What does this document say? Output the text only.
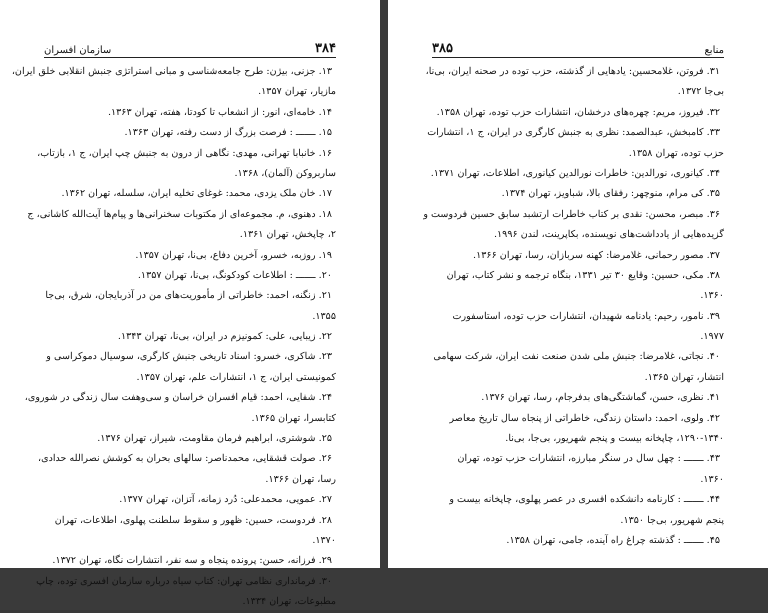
سازمان افسران	۳۸۴
۱۳. جزنی، بیژن: طرح جامعه‌شناسی و مبانی استراتژی جنبش انقلابی خلق ایران،
مازیار، تهران ۱۳۵۷.
۱۴. خامه‌ای، انور: از انشعاب تا کودتا، هفته، تهران ۱۳۶۳.
۱۵. ـــــــ : فرصت بزرگ از دست رفته، تهران ۱۳۶۳.
۱۶. خانبابا تهرانی، مهدی: نگاهی از درون به جنبش چپ ایران، ج ۱، بازتاب،
ساربروکن (آلمان)، ۱۳۶۸.
۱۷. خان ملک یزدی، محمد: غوغای تخلیه ایران، سلسله، تهران ۱۳۶۲.
۱۸. دهنوی، م. مجموعه‌ای از مکتوبات سخنرانی‌ها و پیام‌ها آیت‌الله کاشانی، ج
۲، چاپخش، تهران ۱۳۶۱.
۱۹. روزبه، خسرو، آخرین دفاع، بی‌نا، تهران ۱۳۵۷.
۲۰. ـــــــ : اطلاعات کودکونگ، بی‌نا، تهران ۱۳۵۷.
۲۱. زنگنه، احمد: خاطراتی از مأموریت‌های من در آذربایجان، شرق، بی‌جا
۱۳۵۵.
۲۲. زیبایی، علی: کمونیزم در ایران، بی‌نا، تهران ۱۳۴۳.
۲۳. شاکری، خسرو: اسناد تاریخی جنبش کارگری، سوسیال دموکراسی و
کمونیستی ایران، ج ۱، انتشارات علم، تهران ۱۳۵۷.
۲۴. شفایی، احمد: قیام افسران خراسان و سی‌وهفت سال زندگی در شوروی،
کتابسرا، تهران ۱۳۶۵.
۲۵. شوشتری، ابراهیم فرمان مقاومت، شیراز، تهران ۱۳۷۶.
۲۶. صولت قشقایی، محمدناصر: سالهای بحران به کوشش نصرالله حدادی،
رسا، تهران ۱۳۶۶.
۲۷. عمویی، محمدعلی: دُرد زمانه، آتزان، تهران ۱۳۷۷.
۲۸. فردوست، حسین: ظهور و سقوط سلطنت پهلوی، اطلاعات، تهران
۱۳۷۰.
۲۹. فرزانه، حسن: پرونده پنجاه و سه نفر، انتشارات نگاه، تهران ۱۳۷۲.
۳۰. فرمانداری نظامی تهران: کتاب سیاه درباره سازمان افسری توده، چاپ
مطبوعات، تهران ۱۳۳۴.
۳۸۵	منابع
۳۱. فروتن، غلامحسین: یادهایی از گذشته، حزب توده در صحنه ایران، بی‌نا،
بی‌جا ۱۳۷۲.
۳۲. فیروز، مریم: چهره‌های درخشان، انتشارات حزب توده، تهران ۱۳۵۸.
۳۳. کامبخش، عبدالصمد: نظری به جنبش کارگری در ایران، ج ۱، انتشارات
حزب توده، تهران ۱۳۵۸.
۳۴. کیانوری، نورالدین: خاطرات نورالدین کیانوری، اطلاعات، تهران ۱۳۷۱.
۳۵. کی مرام، منوچهر: رفقای بالا، شباویز، تهران ۱۳۷۴.
۳۶. مبصر، محسن: نقدی بر کتاب خاطرات ارتشبد سابق حسین فردوست و
گزیده‌هایی از یادداشت‌های نویسنده، بکاپرینت، لندن ۱۹۹۶.
۳۷. مصور رحمانی، غلامرضا: کهنه سربازان، رسا، تهران ۱۳۶۶.
۳۸. مکی، حسین: وقایع ۳۰ تیر ۱۳۳۱، بنگاه ترجمه و نشر کتاب، تهران
۱۳۶۰.
۳۹. نامور، رحیم: یادنامه شهیدان، انتشارات حزب توده، استاسفورت
۱۹۷۷.
۴۰. نجاتی، غلامرضا: جنبش ملی شدن صنعت نفت ایران، شرکت سهامی
انتشار، تهران ۱۳۶۵.
۴۱. نظری، حسن، گماشتگی‌های بدفرجام، رسا، تهران ۱۳۷۶.
۴۲. ولوی، احمد: داستان زندگی، خاطراتی از پنجاه سال تاریخ معاصر
۱۲۹۰-۱۳۴۰، چاپخانه بیست و پنجم شهریور، بی‌جا، بی‌نا.
۴۳. ـــــــ : چهل سال در سنگر مبارزه، انتشارات حزب توده، تهران
۱۳۶۰.
۴۴. ـــــــ : کارنامه دانشکده افسری در عصر پهلوی، چاپخانه بیست و
پنجم شهریور، بی‌جا ۱۳۵۰.
۴۵. ـــــــ : گذشته چراغ راه آینده، جامی، تهران ۱۳۵۸.
